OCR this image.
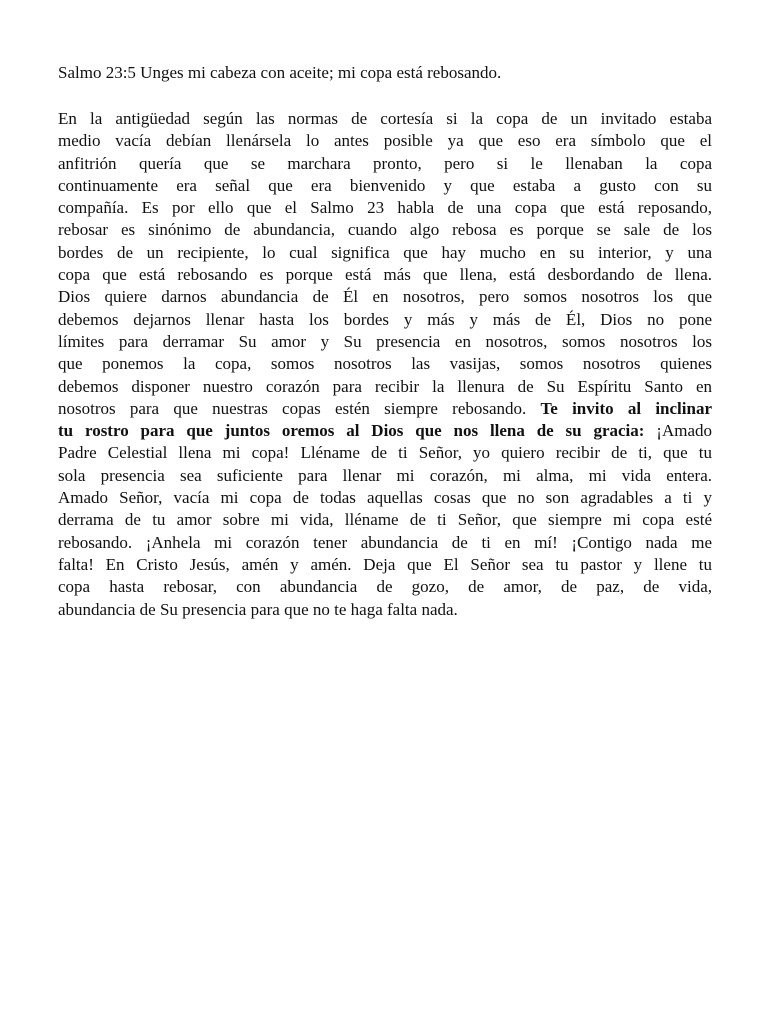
Salmo 23:5 Unges mi cabeza con aceite; mi copa está rebosando.
En la antigüedad según las normas de cortesía si la copa de un invitado estaba
medio vacía debían llenársela lo antes posible ya que eso era símbolo que el
anfitrión quería que se marchara pronto, pero si le llenaban la copa
continuamente era señal que era bienvenido y que estaba a gusto con su
compañía. Es por ello que el Salmo 23 habla de una copa que está reposando,
rebosar es sinónimo de abundancia, cuando algo rebosa es porque se sale de los
bordes de un recipiente, lo cual significa que hay mucho en su interior, y una
copa que está rebosando es porque está más que llena, está desbordando de llena.
Dios quiere darnos abundancia de Él en nosotros, pero somos nosotros los que
debemos dejarnos llenar hasta los bordes y más y más de Él, Dios no pone
límites para derramar Su amor y Su presencia en nosotros, somos nosotros los
que ponemos la copa, somos nosotros las vasijas, somos nosotros quienes
debemos disponer nuestro corazón para recibir la llenura de Su Espíritu Santo en
nosotros para que nuestras copas estén siempre rebosando. Te invito al inclinar
tu rostro para que juntos oremos al Dios que nos llena de su gracia: ¡Amado
Padre Celestial llena mi copa! Lléname de ti Señor, yo quiero recibir de ti, que tu
sola presencia sea suficiente para llenar mi corazón, mi alma, mi vida entera.
Amado Señor, vacía mi copa de todas aquellas cosas que no son agradables a ti y
derrama de tu amor sobre mi vida, lléname de ti Señor, que siempre mi copa esté
rebosando. ¡Anhela mi corazón tener abundancia de ti en mí! ¡Contigo nada me
falta! En Cristo Jesús, amén y amén. Deja que El Señor sea tu pastor y llene tu
copa hasta rebosar, con abundancia de gozo, de amor, de paz, de vida,
abundancia de Su presencia para que no te haga falta nada.
